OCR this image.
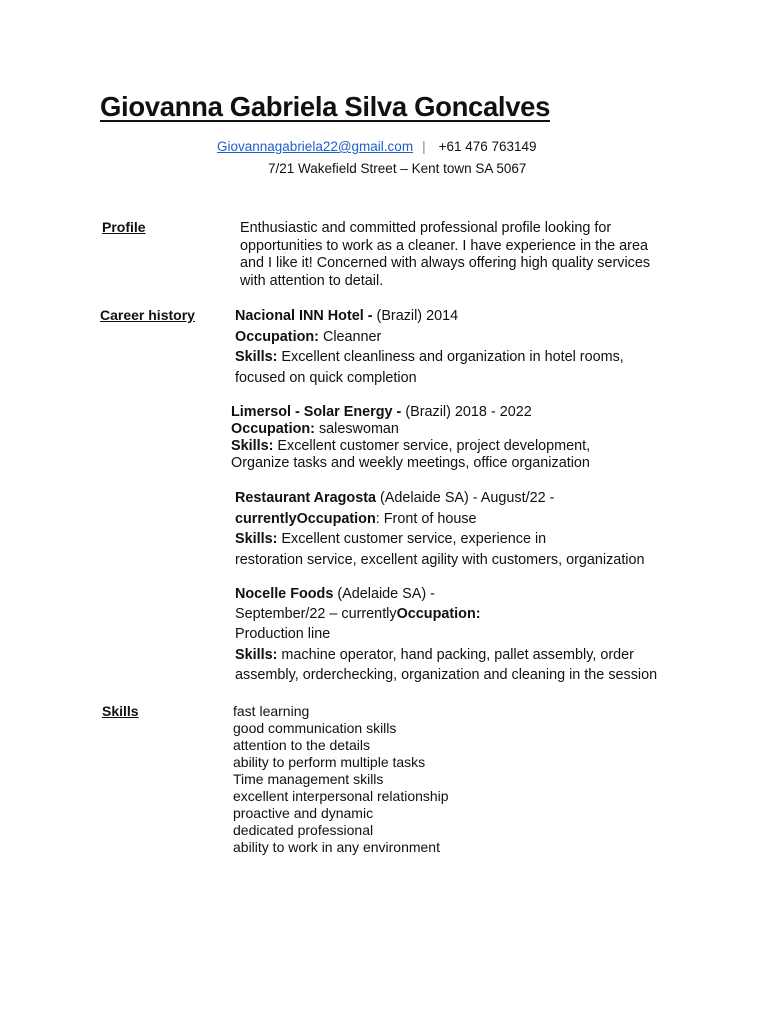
Giovanna Gabriela Silva Goncalves
Giovannagabriela22@gmail.com | +61 476 763149
7/21 Wakefield Street – Kent town SA 5067
Profile	Enthusiastic and committed professional profile looking for
opportunities to work as a cleaner. I have experience in the area
and I like it! Concerned with always offering high quality services
with attention to detail.
Career history	Nacional INN Hotel - (Brazil) 2014
Occupation: Cleanner
Skills: Excellent cleanliness and organization in hotel rooms,
focused on quick completion
Limersol - Solar Energy - (Brazil) 2018 - 2022
Occupation: saleswoman
Skills: Excellent customer service, project development,
Organize tasks and weekly meetings, office organization
Restaurant Aragosta (Adelaide SA) - August/22 -
currentlyOccupation: Front of house
Skills: Excellent customer service, experience in
restoration service, excellent agility with customers, organization
Nocelle Foods (Adelaide SA) -
September/22 – currentlyOccupation:
Production line
Skills: machine operator, hand packing, pallet assembly, order
assembly, orderchecking, organization and cleaning in the session
Skills	fast learning
good communication skills
attention to the details
ability to perform multiple tasks
Time management skills
excellent interpersonal relationship
proactive and dynamic
dedicated professional
ability to work in any environment
